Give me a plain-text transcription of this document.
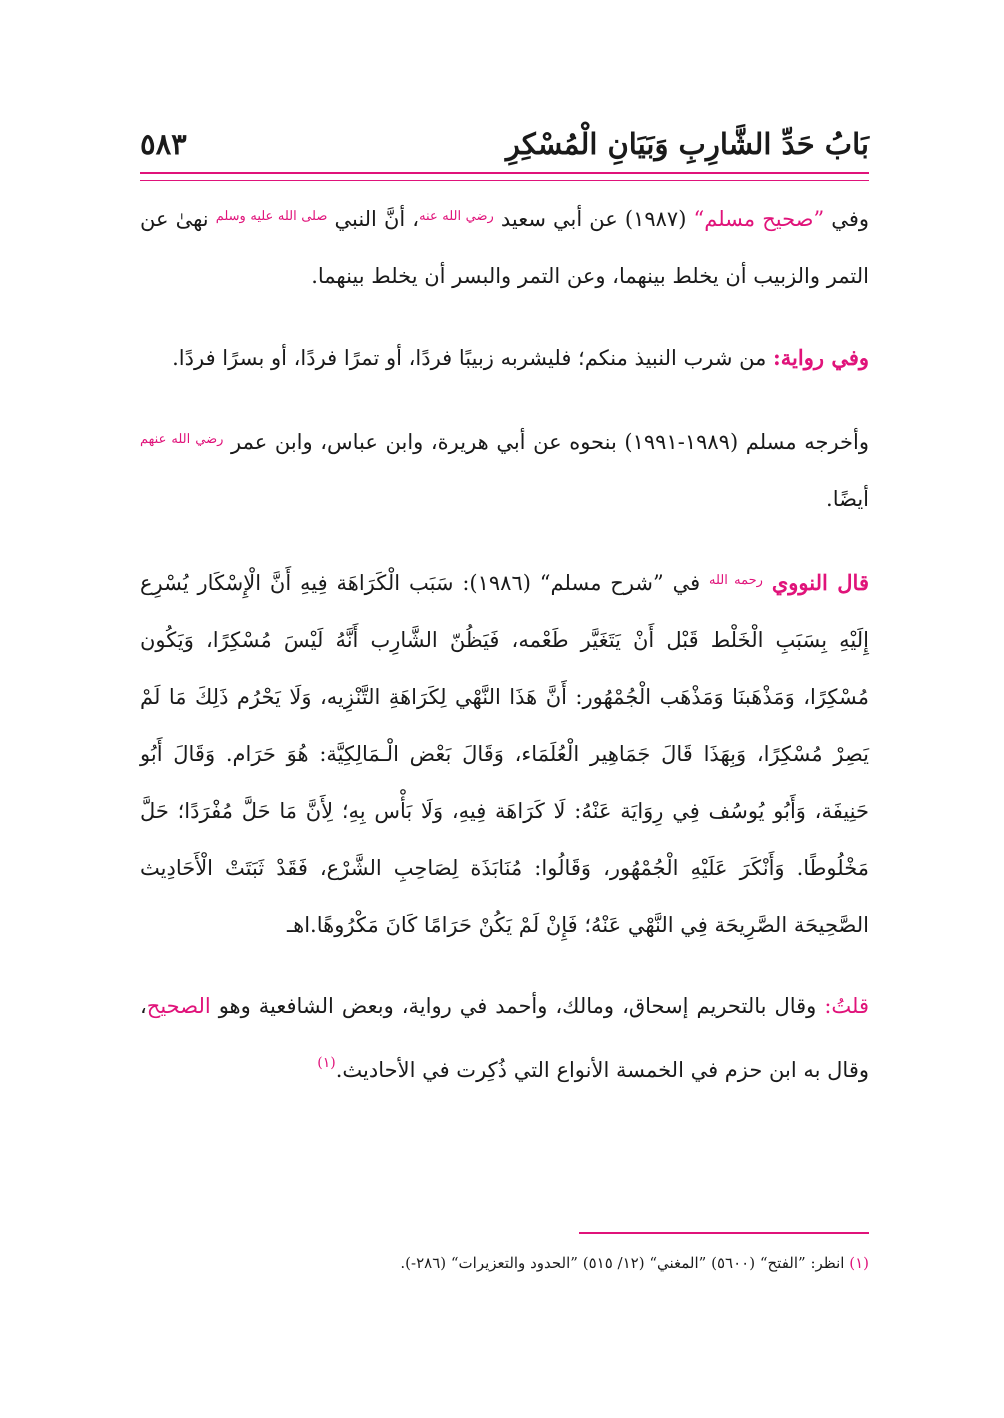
٥٨٣	بَابُ حَدِّ الشَّارِبِ وَبَيَانِ الْمُسْكِرِ

وفي ”صحيح مسلم“ (١٩٨٧) عن أبي سعيد $^{رضي الله عنه}$، أنَّ النبي $^{صلى الله عليه وسلم}$ نهىٰ عن التمر والزبيب أن يخلط بينهما، وعن التمر والبسر أن يخلط بينهما.

وفي رواية: من شرب النبيذ منكم؛ فليشربه زبيبًا فردًا، أو تمرًا فردًا، أو بسرًا فردًا.

وأخرجه مسلم (١٩٨٩-١٩٩١) بنحوه عن أبي هريرة، وابن عباس، وابن عمر $^{رضي الله عنهم}$ أيضًا.

قال النووي $^{رحمه الله}$ في ”شرح مسلم“ (١٩٨٦): سَبَب الْكَرَاهَة فِيهِ أَنَّ الْإِسْكَار يُسْرِع إِلَيْهِ بِسَبَبِ الْخَلْط قَبْل أَنْ يَتَغَيَّر طَعْمه، فَيَظُنّ الشَّارِب أَنَّهُ لَيْسَ مُسْكِرًا، وَيَكُون مُسْكِرًا، وَمَذْهَبنَا وَمَذْهَب الْجُمْهُور: أَنَّ هَذَا النَّهْي لِكَرَاهَةِ التَّنْزِيه، وَلَا يَحْرُم ذَلِكَ مَا لَمْ يَصِرْ مُسْكِرًا، وَبِهَذَا قَالَ جَمَاهِير الْعُلَمَاء، وَقَالَ بَعْض الْـمَالِكِيَّة: هُوَ حَرَام. وَقَالَ أَبُو حَنِيفَة، وَأَبُو يُوسُف فِي رِوَايَة عَنْهُ: لَا كَرَاهَة فِيهِ، وَلَا بَأْس بِهِ؛ لِأَنَّ مَا حَلَّ مُفْرَدًا؛ حَلَّ مَخْلُوطًا. وَأَنْكَرَ عَلَيْهِ الْجُمْهُور، وَقَالُوا: مُنَابَذَة لِصَاحِبِ الشَّرْع، فَقَدْ ثَبَتَتْ الْأَحَادِيث الصَّحِيحَة الصَّرِيحَة فِي النَّهْي عَنْهُ؛ فَإِنْ لَمْ يَكُنْ حَرَامًا كَانَ مَكْرُوهًا.اهـ

قلتُ: وقال بالتحريم إسحاق، ومالك، وأحمد في رواية، وبعض الشافعية وهو الصحيح، وقال به ابن حزم في الخمسة الأنواع التي ذُكِرت في الأحاديث.$^{(١)}$

(١) انظر: ”الفتح“ (٥٦٠٠) ”المغني“ (١٢/ ٥١٥) ”الحدود والتعزيرات“ (٢٨٦-).
